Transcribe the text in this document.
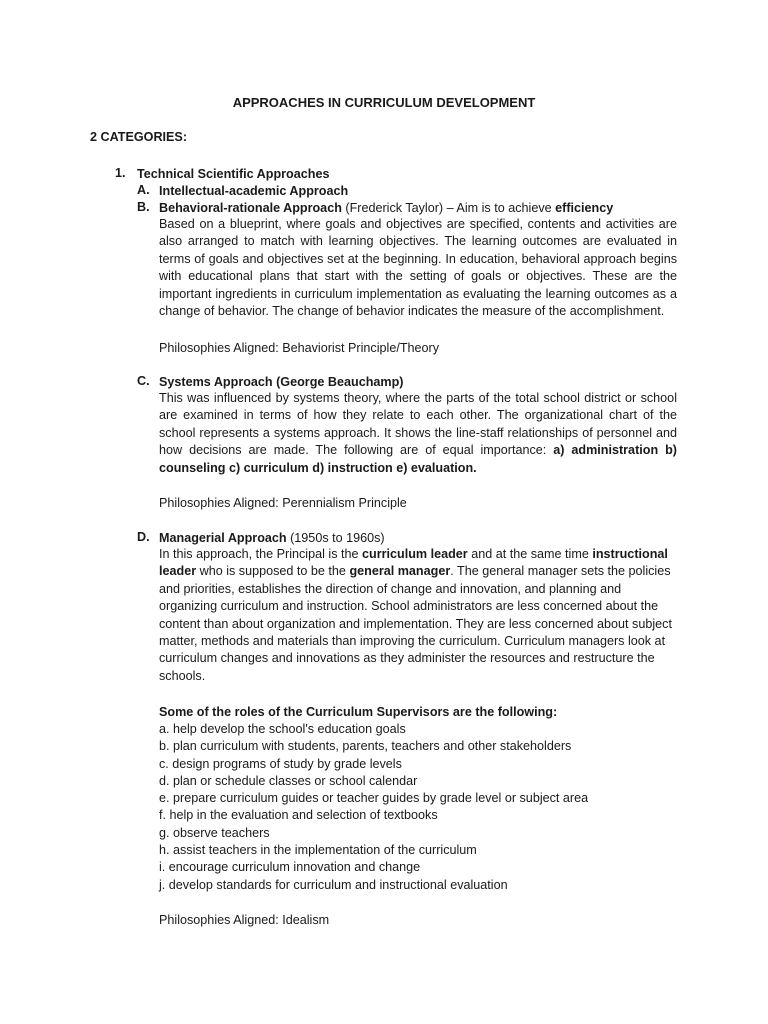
APPROACHES IN CURRICULUM DEVELOPMENT
2 CATEGORIES:
1. Technical Scientific Approaches
A. Intellectual-academic Approach
B. Behavioral-rationale Approach (Frederick Taylor) – Aim is to achieve efficiency
Based on a blueprint, where goals and objectives are specified, contents and activities are also arranged to match with learning objectives. The learning outcomes are evaluated in terms of goals and objectives set at the beginning. In education, behavioral approach begins with educational plans that start with the setting of goals or objectives. These are the important ingredients in curriculum implementation as evaluating the learning outcomes as a change of behavior. The change of behavior indicates the measure of the accomplishment.
Philosophies Aligned: Behaviorist Principle/Theory
C. Systems Approach (George Beauchamp)
This was influenced by systems theory, where the parts of the total school district or school are examined in terms of how they relate to each other. The organizational chart of the school represents a systems approach. It shows the line-staff relationships of personnel and how decisions are made. The following are of equal importance: a) administration b) counseling c) curriculum d) instruction e) evaluation.
Philosophies Aligned: Perennialism Principle
D. Managerial Approach (1950s to 1960s)
In this approach, the Principal is the curriculum leader and at the same time instructional leader who is supposed to be the general manager. The general manager sets the policies and priorities, establishes the direction of change and innovation, and planning and organizing curriculum and instruction. School administrators are less concerned about the content than about organization and implementation. They are less concerned about subject matter, methods and materials than improving the curriculum. Curriculum managers look at curriculum changes and innovations as they administer the resources and restructure the schools.
Some of the roles of the Curriculum Supervisors are the following:
a. help develop the school's education goals
b. plan curriculum with students, parents, teachers and other stakeholders
c. design programs of study by grade levels
d. plan or schedule classes or school calendar
e. prepare curriculum guides or teacher guides by grade level or subject area
f. help in the evaluation and selection of textbooks
g. observe teachers
h. assist teachers in the implementation of the curriculum
i. encourage curriculum innovation and change
j. develop standards for curriculum and instructional evaluation
Philosophies Aligned: Idealism
